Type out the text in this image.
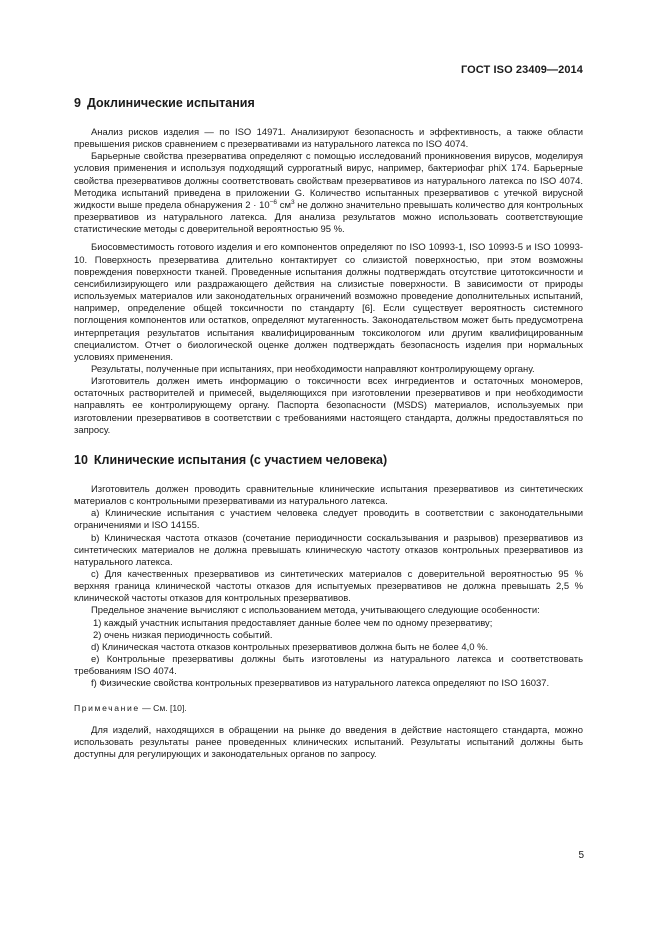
ГОСТ ISO 23409—2014
9 Доклинические испытания

Анализ рисков изделия — по ISO 14971. Анализируют безопасность и эффективность, а также области превышения рисков сравнением с презервативами из натурального латекса по ISO 4074.

Барьерные свойства презерватива определяют с помощью исследований проникновения вирусов, моделируя условия применения и используя подходящий суррогатный вирус, например, бактериофаг phiX 174. Барьерные свойства презервативов должны соответствовать свойствам презервативов из натурального латекса по ISO 4074. Методика испытаний приведена в приложении G. Количество испытанных презервативов с утечкой вирусной жидкости выше предела обнаружения $2 \cdot 10^{-6}$ $см^3$ не должно значительно превышать количество для контрольных презервативов из натурального латекса. Для анализа результатов можно использовать соответствующие статистические методы с доверительной вероятностью 95 %.

Биосовместимость готового изделия и его компонентов определяют по ISO 10993-1, ISO 10993-5 и ISO 10993-10. Поверхность презерватива длительно контактирует со слизистой поверхностью, при этом возможны повреждения поверхности тканей. Проведенные испытания должны подтверждать отсутствие цитотоксичности и сенсибилизирующего или раздражающего действия на слизистые поверхности. В зависимости от природы используемых материалов или законодательных ограничений возможно проведение дополнительных испытаний, например, определение общей токсичности по стандарту [6]. Если существует вероятность системного поглощения компонентов или остатков, определяют мутагенность. Законодательством может быть предусмотрена интерпретация результатов испытания квалифицированным токсикологом или другим квалифицированным специалистом. Отчет о биологической оценке должен подтверждать безопасность изделия при нормальных условиях применения.

Результаты, полученные при испытаниях, при необходимости направляют контролирующему органу.

Изготовитель должен иметь информацию о токсичности всех ингредиентов и остаточных мономеров, остаточных растворителей и примесей, выделяющихся при изготовлении презервативов и при необходимости направлять ее контролирующему органу. Паспорта безопасности (MSDS) материалов, используемых при изготовлении презервативов в соответствии с требованиями настоящего стандарта, должны предоставляться по запросу.

10 Клинические испытания (с участием человека)

Изготовитель должен проводить сравнительные клинические испытания презервативов из синтетических материалов с контрольными презервативами из натурального латекса.

а) Клинические испытания с участием человека следует проводить в соответствии с законодательными ограничениями и ISO 14155.

b) Клиническая частота отказов (сочетание периодичности соскальзывания и разрывов) презервативов из синтетических материалов не должна превышать клиническую частоту отказов контрольных презервативов из натурального латекса.

с) Для качественных презервативов из синтетических материалов с доверительной вероятностью 95 % верхняя граница клинической частоты отказов для испытуемых презервативов не должна превышать 2,5 % клинической частоты отказов для контрольных презервативов.

Предельное значение вычисляют с использованием метода, учитывающего следующие особенности:

1) каждый участник испытания предоставляет данные более чем по одному презервативу;

2) очень низкая периодичность событий.

d) Клиническая частота отказов контрольных презервативов должна быть не более 4,0 %.

е) Контрольные презервативы должны быть изготовлены из натурального латекса и соответствовать требованиям ISO 4074.

f) Физические свойства контрольных презервативов из натурального латекса определяют по ISO 16037.

Примечание — См. [10].

Для изделий, находящихся в обращении на рынке до введения в действие настоящего стандарта, можно использовать результаты ранее проведенных клинических испытаний. Результаты испытаний должны быть доступны для регулирующих и законодательных органов по запросу.

5
